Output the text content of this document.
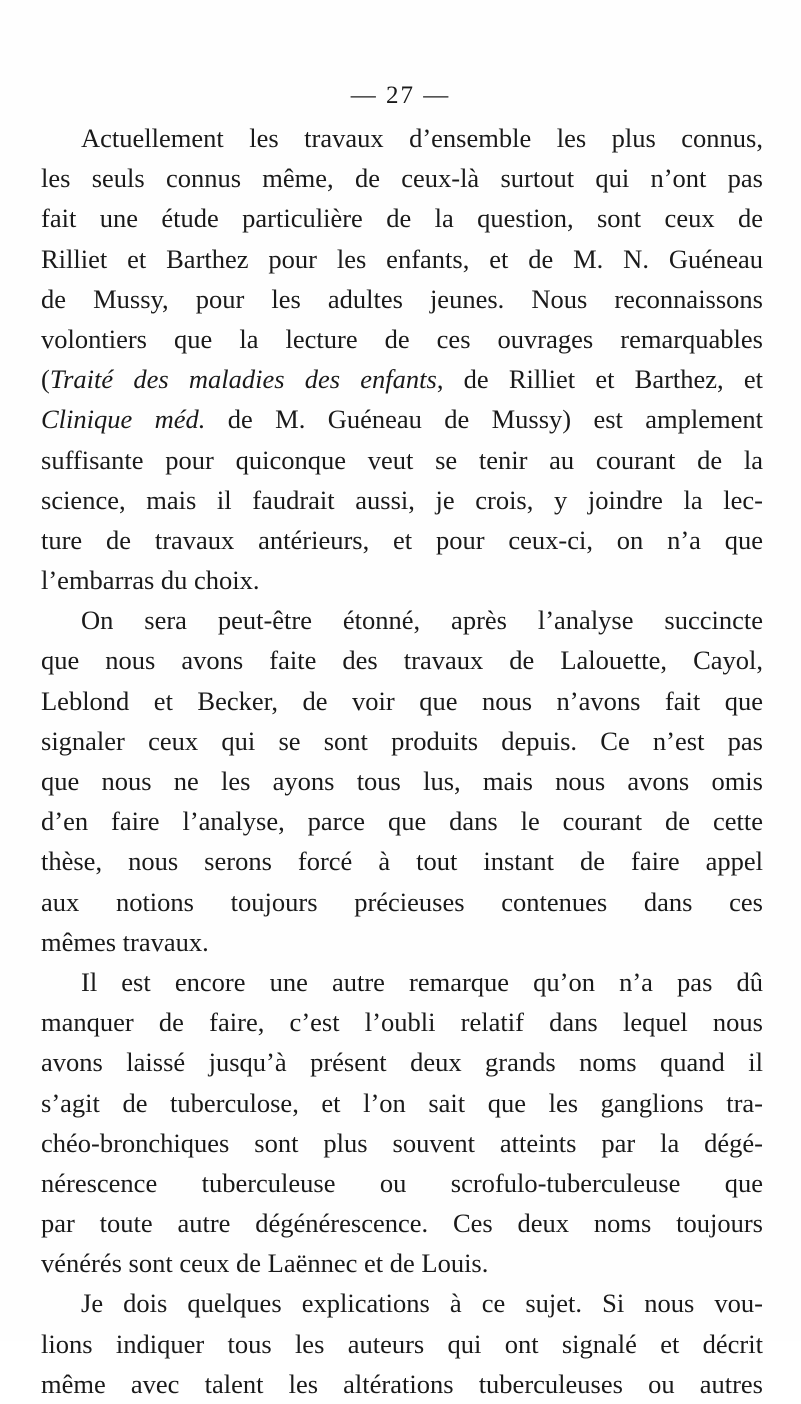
— 27 —
Actuellement les travaux d’ensemble les plus connus,
les seuls connus même, de ceux-là surtout qui n’ont pas
fait une étude particulière de la question, sont ceux de
Rilliet et Barthez pour les enfants, et de M. N. Guéneau
de Mussy, pour les adultes jeunes. Nous reconnaissons
volontiers que la lecture de ces ouvrages remarquables
(Traité des maladies des enfants, de Rilliet et Barthez, et
Clinique méd. de M. Guéneau de Mussy) est amplement
suffisante pour quiconque veut se tenir au courant de la
science, mais il faudrait aussi, je crois, y joindre la lec-
ture de travaux antérieurs, et pour ceux-ci, on n’a que
l’embarras du choix.
On sera peut-être étonné, après l’analyse succincte
que nous avons faite des travaux de Lalouette, Cayol,
Leblond et Becker, de voir que nous n’avons fait que
signaler ceux qui se sont produits depuis. Ce n’est pas
que nous ne les ayons tous lus, mais nous avons omis
d’en faire l’analyse, parce que dans le courant de cette
thèse, nous serons forcé à tout instant de faire appel
aux notions toujours précieuses contenues dans ces
mêmes travaux.
Il est encore une autre remarque qu’on n’a pas dû
manquer de faire, c’est l’oubli relatif dans lequel nous
avons laissé jusqu’à présent deux grands noms quand il
s’agit de tuberculose, et l’on sait que les ganglions tra-
chéo-bronchiques sont plus souvent atteints par la dégé-
nérescence tuberculeuse ou scrofulo-tuberculeuse que
par toute autre dégénérescence. Ces deux noms toujours
vénérés sont ceux de Laënnec et de Louis.
Je dois quelques explications à ce sujet. Si nous vou-
lions indiquer tous les auteurs qui ont signalé et décrit
même avec talent les altérations tuberculeuses ou autres
